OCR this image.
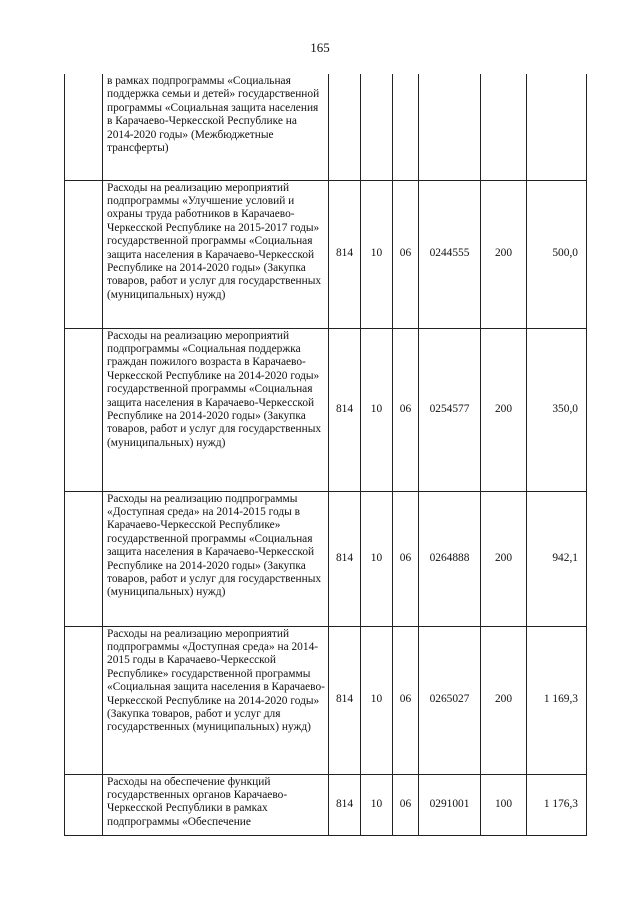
165
	в рамках подпрограммы «Социальная поддержка семьи и детей» государственной программы «Социальная защита населения в Карачаево-Черкесской Республике на 2014-2020 годы» (Межбюджетные трансферты)						
	Расходы на реализацию мероприятий подпрограммы «Улучшение условий и охраны труда работников в Карачаево-Черкесской Республике на 2015-2017 годы» государственной программы «Социальная защита населения в Карачаево-Черкесской Республике на 2014-2020 годы» (Закупка товаров, работ и услуг для государственных (муниципальных) нужд)	814	10	06	0244555	200	500,0
	Расходы на реализацию мероприятий подпрограммы «Социальная поддержка граждан пожилого возраста в Карачаево-Черкесской Республике на 2014-2020 годы» государственной программы «Социальная защита населения в Карачаево-Черкесской Республике на 2014-2020 годы» (Закупка товаров, работ и услуг для государственных (муниципальных) нужд)	814	10	06	0254577	200	350,0
	Расходы на реализацию подпрограммы «Доступная среда» на 2014-2015 годы в Карачаево-Черкесской Республике» государственной программы «Социальная защита населения в Карачаево-Черкесской Республике на 2014-2020 годы» (Закупка товаров, работ и услуг для государственных (муниципальных) нужд)	814	10	06	0264888	200	942,1
	Расходы на реализацию мероприятий подпрограммы «Доступная среда» на 2014-2015 годы в Карачаево-Черкесской Республике» государственной программы «Социальная защита населения в Карачаево-Черкесской Республике на 2014-2020 годы» (Закупка товаров, работ и услуг для государственных (муниципальных) нужд)	814	10	06	0265027	200	1 169,3
	Расходы на обеспечение функций государственных органов Карачаево-Черкесской Республики в рамках подпрограммы «Обеспечение	814	10	06	0291001	100	1 176,3
